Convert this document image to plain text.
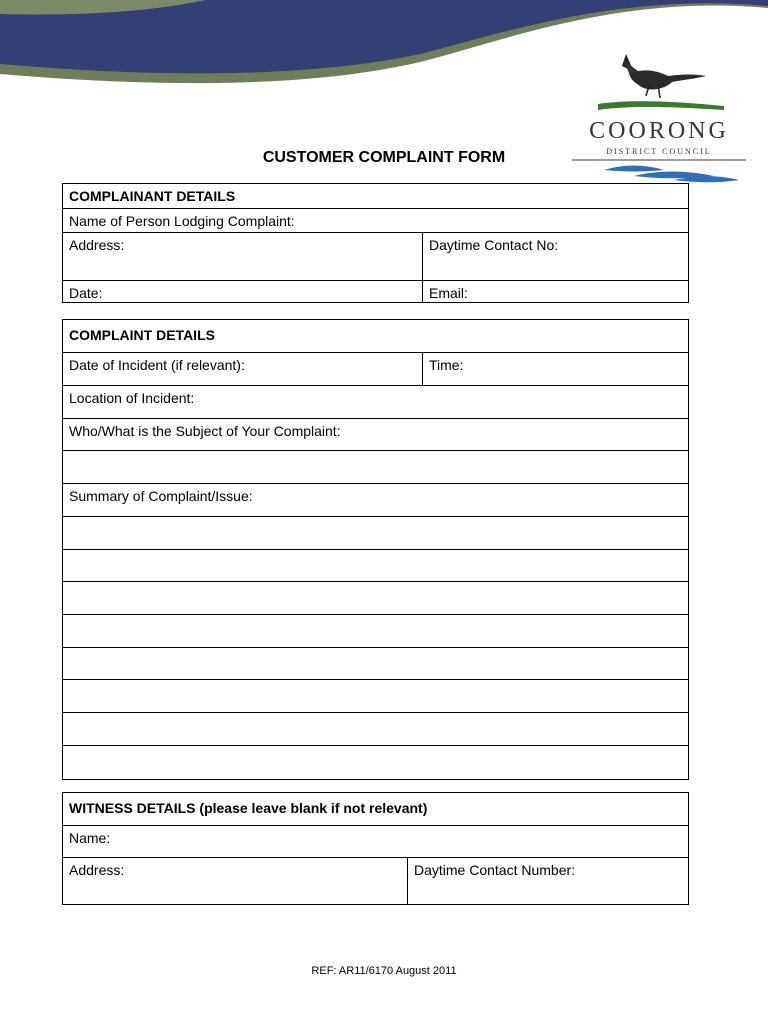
COORONG
DISTRICT COUNCIL
CUSTOMER COMPLAINT FORM
COMPLAINANT DETAILS
Name of Person Lodging Complaint:
Address:	Daytime Contact No:
Date:	Email:
COMPLAINT DETAILS
Date of Incident (if relevant):	Time:
Location of Incident:
Who/What is the Subject of Your Complaint:
Summary of Complaint/Issue:
WITNESS DETAILS (please leave blank if not relevant)
Name:
Address:	Daytime Contact Number:
REF: AR11/6170 August 2011
